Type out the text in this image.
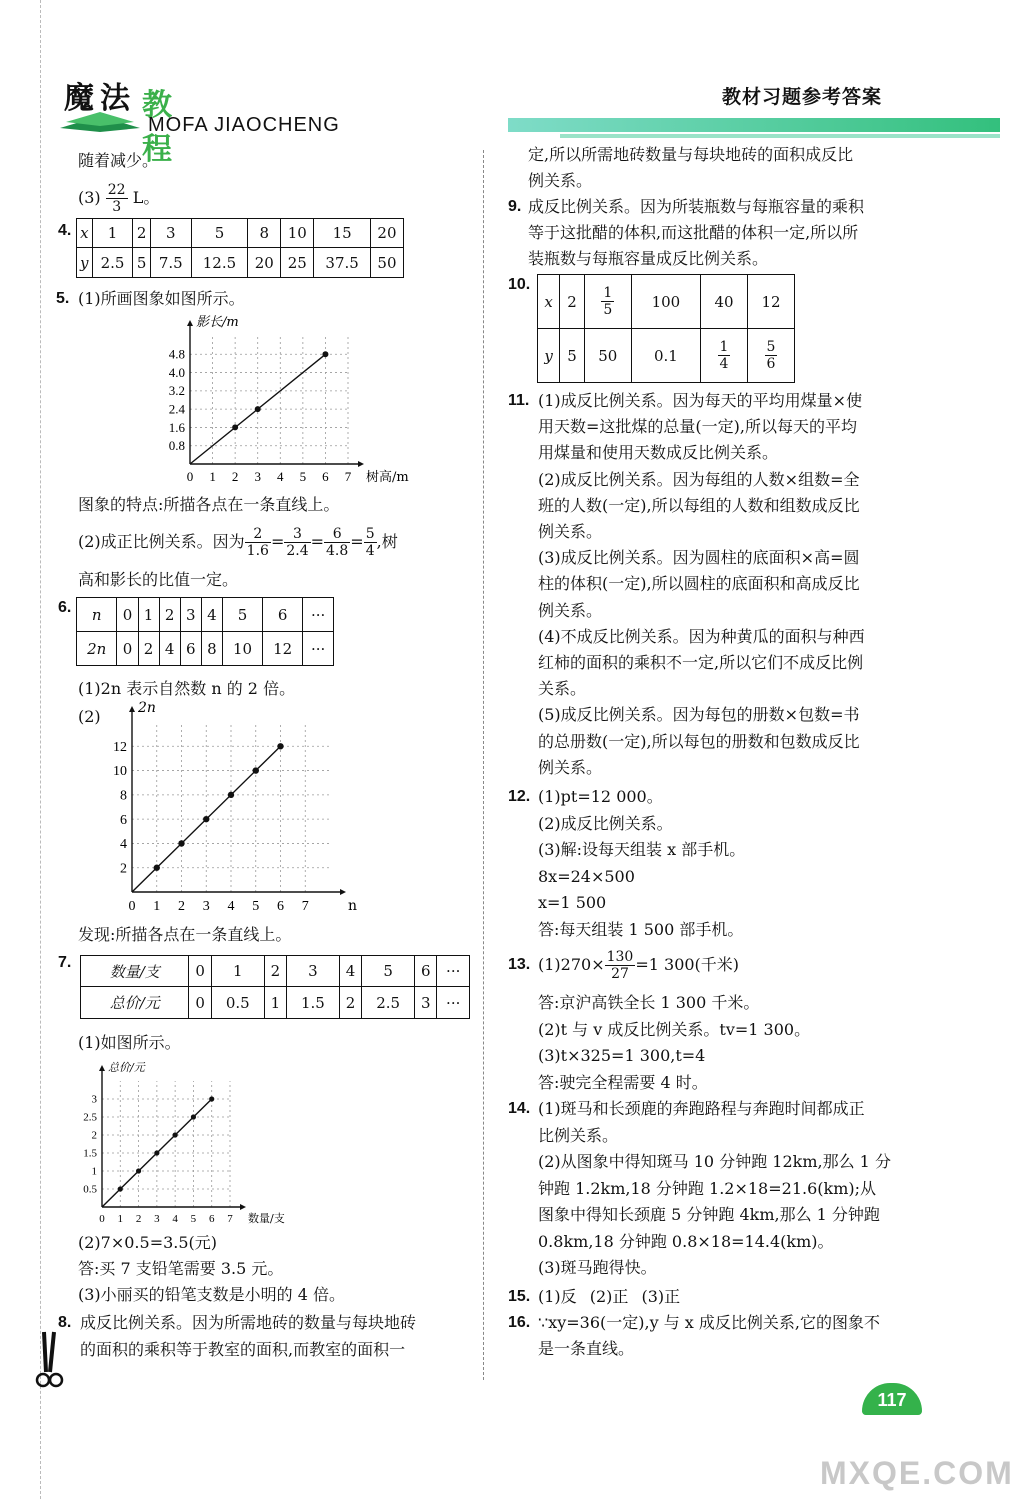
魔 法 教程
MOFA JIAOCHENG
教材习题参考答案
随着减少。
$(3) \frac{22}{3}$ L。
4. x	1	2	3	5	8	10	15	20
y	2.5	5	7.5	12.5	20	25	37.5	50
5. (1)所画图象如图所示。
0 1 2 3 4 5 6 7
0.8
1.6
2.4
3.2
4.0
4.8
树高/m
影长/m
图象的特点:所描各点在一条直线上。
(2)成正比例关系。因为 $\frac{2}{1.6} = \frac{3}{2.4} = \frac{6}{4.8} = \frac{5}{4}$ ,树
高和影长的比值一定。
6. n	0	1	2	3	4	5	6	···
2n	0	2	4	6	8	10	12	···
(1)2n 表示自然数 n 的 2 倍。
(2)
0 1 2 3 4 5 6 7
2
4
6
8
10
12
n
2n
发现:所描各点在一条直线上。
7.	数量/支	0	1	2	3	4	5	6	···
总价/元	0	0.5	1	1.5	2	2.5	3	···
(1)如图所示。
0 1 2 3 4 5 6 7
0.5
1
1.5
2
2.5
3
数量/支
总价/元
(2)7×0.5=3.5(元)
答:买 7 支铅笔需要 3.5 元。
(3)小丽买的铅笔支数是小明的 4 倍。
8. 成反比例关系。因为所需地砖的数量与每块地砖
的面积的乘积等于教室的面积,而教室的面积一
定,所以所需地砖数量与每块地砖的面积成反比
例关系。
9. 成反比例关系。因为所装瓶数与每瓶容量的乘积
等于这批醋的体积,而这批醋的体积一定,所以所
装瓶数与每瓶容量成反比例关系。
10.
x	2	$\frac{1}{5}$	100	40	12
y	5	50	0.1	$\frac{1}{4}$	$\frac{5}{6}$
11. (1)成反比例关系。因为每天的平均用煤量×使
用天数=这批煤的总量(一定),所以每天的平均
用煤量和使用天数成反比例关系。
(2)成反比例关系。因为每组的人数×组数=全
班的人数(一定),所以每组的人数和组数成反比
例关系。
(3)成反比例关系。因为圆柱的底面积×高=圆
柱的体积(一定),所以圆柱的底面积和高成反比
例关系。
(4)不成反比例关系。因为种黄瓜的面积与种西
红柿的面积的乘积不一定,所以它们不成反比例
关系。
(5)成反比例关系。因为每包的册数×包数=书
的总册数(一定),所以每包的册数和包数成反比
例关系。
12. (1)pt=12 000。
(2)成反比例关系。
(3)解:设每天组装 x 部手机。
8x=24×500
x=1 500
答:每天组装 1 500 部手机。
13. $(1)270\times \frac{130}{27} =1$ 300(千米)
答:京沪高铁全长 1 300 千米。
(2)t 与 v 成反比例关系。tv=1 300。
(3)t×325=1 300,t=4
答:驶完全程需要 4 时。
14. (1)斑马和长颈鹿的奔跑路程与奔跑时间都成正
比例关系。
(2)从图象中得知斑马 10 分钟跑 12km,那么 1 分
钟跑 1.2km,18 分钟跑 1.2×18=21.6(km);从
图象中得知长颈鹿 5 分钟跑 4km,那么 1 分钟跑
0.8km,18 分钟跑 0.8×18=14.4(km)。
(3)斑马跑得快。
15. (1)反 (2)正 (3)正
16. ∵xy=36(一定),y 与 x 成反比例关系,它的图象不
是一条直线。
117
MXQE.COM
